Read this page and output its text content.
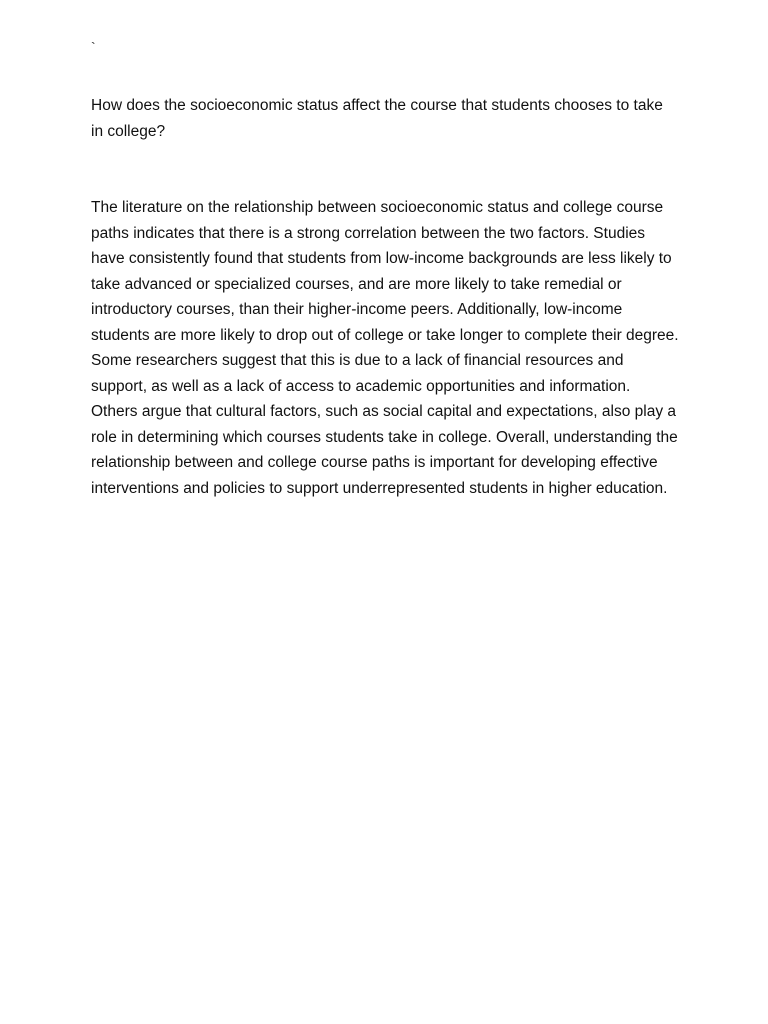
`

How does the socioeconomic status affect the course that students chooses to take in college?

The literature on the relationship between socioeconomic status and college course paths indicates that there is a strong correlation between the two factors. Studies have consistently found that students from low-income backgrounds are less likely to take advanced or specialized courses, and are more likely to take remedial or introductory courses, than their higher-income peers. Additionally, low-income students are more likely to drop out of college or take longer to complete their degree. Some researchers suggest that this is due to a lack of financial resources and support, as well as a lack of access to academic opportunities and information. Others argue that cultural factors, such as social capital and expectations, also play a role in determining which courses students take in college. Overall, understanding the relationship between and college course paths is important for developing effective interventions and policies to support underrepresented students in higher education.
